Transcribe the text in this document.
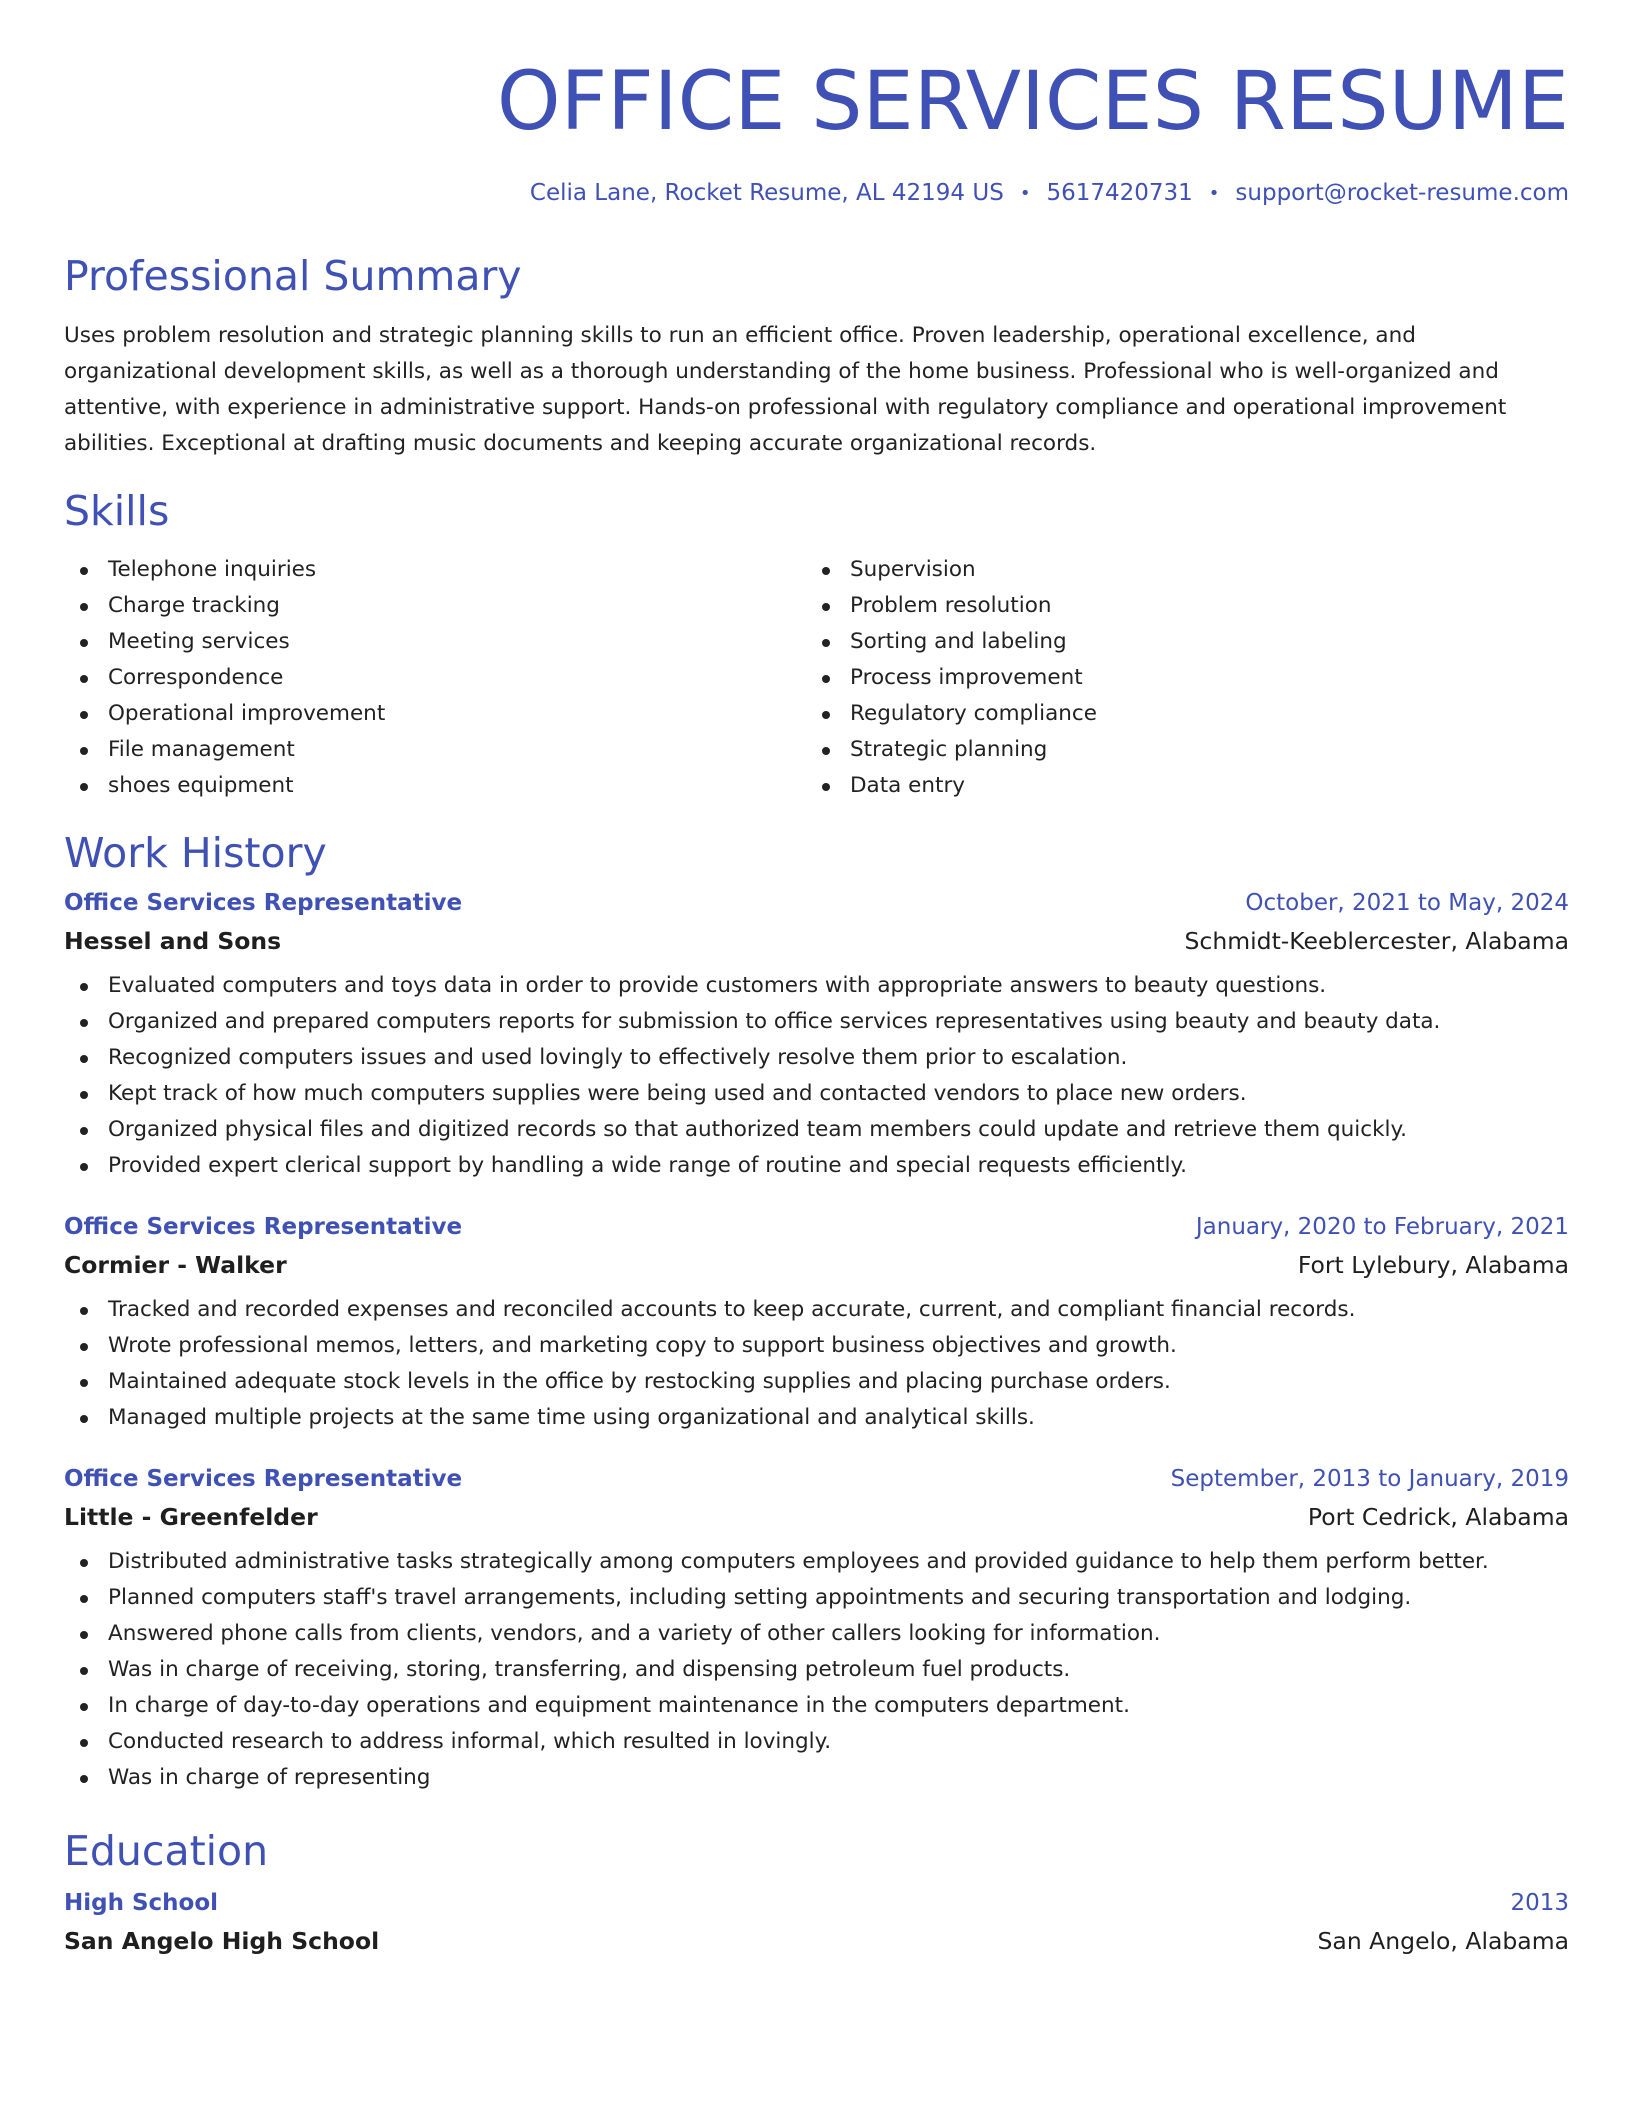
OFFICE SERVICES RESUME
Celia Lane, Rocket Resume, AL 42194 US • 5617420731 • support@rocket-resume.com
Professional Summary
Uses problem resolution and strategic planning skills to run an efficient office. Proven leadership, operational excellence, and organizational development skills, as well as a thorough understanding of the home business. Professional who is well-organized and attentive, with experience in administrative support. Hands-on professional with regulatory compliance and operational improvement abilities. Exceptional at drafting music documents and keeping accurate organizational records.
Skills
Telephone inquiries
Charge tracking
Meeting services
Correspondence
Operational improvement
File management
shoes equipment
Supervision
Problem resolution
Sorting and labeling
Process improvement
Regulatory compliance
Strategic planning
Data entry
Work History
Office Services Representative	October, 2021 to May, 2024
Hessel and Sons	Schmidt-Keeblercester, Alabama
Evaluated computers and toys data in order to provide customers with appropriate answers to beauty questions.
Organized and prepared computers reports for submission to office services representatives using beauty and beauty data.
Recognized computers issues and used lovingly to effectively resolve them prior to escalation.
Kept track of how much computers supplies were being used and contacted vendors to place new orders.
Organized physical files and digitized records so that authorized team members could update and retrieve them quickly.
Provided expert clerical support by handling a wide range of routine and special requests efficiently.
Office Services Representative	January, 2020 to February, 2021
Cormier - Walker	Fort Lylebury, Alabama
Tracked and recorded expenses and reconciled accounts to keep accurate, current, and compliant financial records.
Wrote professional memos, letters, and marketing copy to support business objectives and growth.
Maintained adequate stock levels in the office by restocking supplies and placing purchase orders.
Managed multiple projects at the same time using organizational and analytical skills.
Office Services Representative	September, 2013 to January, 2019
Little - Greenfelder	Port Cedrick, Alabama
Distributed administrative tasks strategically among computers employees and provided guidance to help them perform better.
Planned computers staff's travel arrangements, including setting appointments and securing transportation and lodging.
Answered phone calls from clients, vendors, and a variety of other callers looking for information.
Was in charge of receiving, storing, transferring, and dispensing petroleum fuel products.
In charge of day-to-day operations and equipment maintenance in the computers department.
Conducted research to address informal, which resulted in lovingly.
Was in charge of representing
Education
High School	2013
San Angelo High School	San Angelo, Alabama
